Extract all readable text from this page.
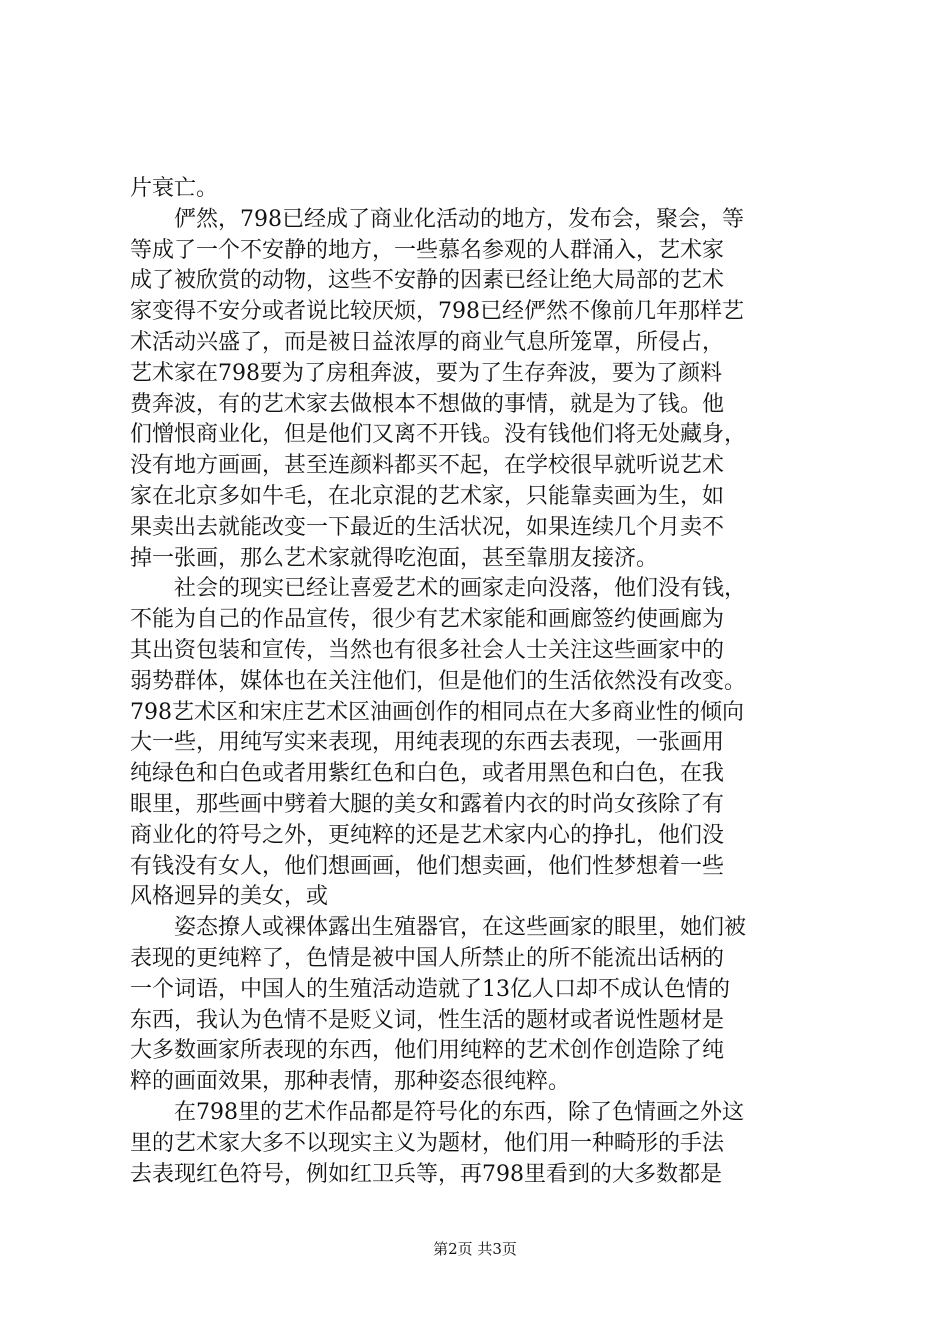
片衰亡。
俨然，798已经成了商业化活动的地方，发布会，聚会，等
等成了一个不安静的地方，一些慕名参观的人群涌入，艺术家
成了被欣赏的动物，这些不安静的因素已经让绝大局部的艺术
家变得不安分或者说比较厌烦，798已经俨然不像前几年那样艺
术活动兴盛了，而是被日益浓厚的商业气息所笼罩，所侵占，
艺术家在798要为了房租奔波，要为了生存奔波，要为了颜料
费奔波，有的艺术家去做根本不想做的事情，就是为了钱。他
们憎恨商业化，但是他们又离不开钱。没有钱他们将无处藏身，
没有地方画画，甚至连颜料都买不起，在学校很早就听说艺术
家在北京多如牛毛，在北京混的艺术家，只能靠卖画为生，如
果卖出去就能改变一下最近的生活状况，如果连续几个月卖不
掉一张画，那么艺术家就得吃泡面，甚至靠朋友接济。
社会的现实已经让喜爱艺术的画家走向没落，他们没有钱，
不能为自己的作品宣传，很少有艺术家能和画廊签约使画廊为
其出资包装和宣传，当然也有很多社会人士关注这些画家中的
弱势群体，媒体也在关注他们，但是他们的生活依然没有改变。
798艺术区和宋庄艺术区油画创作的相同点在大多商业性的倾向
大一些，用纯写实来表现，用纯表现的东西去表现，一张画用
纯绿色和白色或者用紫红色和白色，或者用黑色和白色，在我
眼里，那些画中劈着大腿的美女和露着内衣的时尚女孩除了有
商业化的符号之外，更纯粹的还是艺术家内心的挣扎，他们没
有钱没有女人，他们想画画，他们想卖画，他们性梦想着一些
风格迥异的美女，或
姿态撩人或裸体露出生殖器官，在这些画家的眼里，她们被
表现的更纯粹了，色情是被中国人所禁止的所不能流出话柄的
一个词语，中国人的生殖活动造就了13亿人口却不成认色情的
东西，我认为色情不是贬义词，性生活的题材或者说性题材是
大多数画家所表现的东西，他们用纯粹的艺术创作创造除了纯
粹的画面效果，那种表情，那种姿态很纯粹。
在798里的艺术作品都是符号化的东西，除了色情画之外这
里的艺术家大多不以现实主义为题材，他们用一种畸形的手法
去表现红色符号，例如红卫兵等，再798里看到的大多数都是
第2页 共3页
